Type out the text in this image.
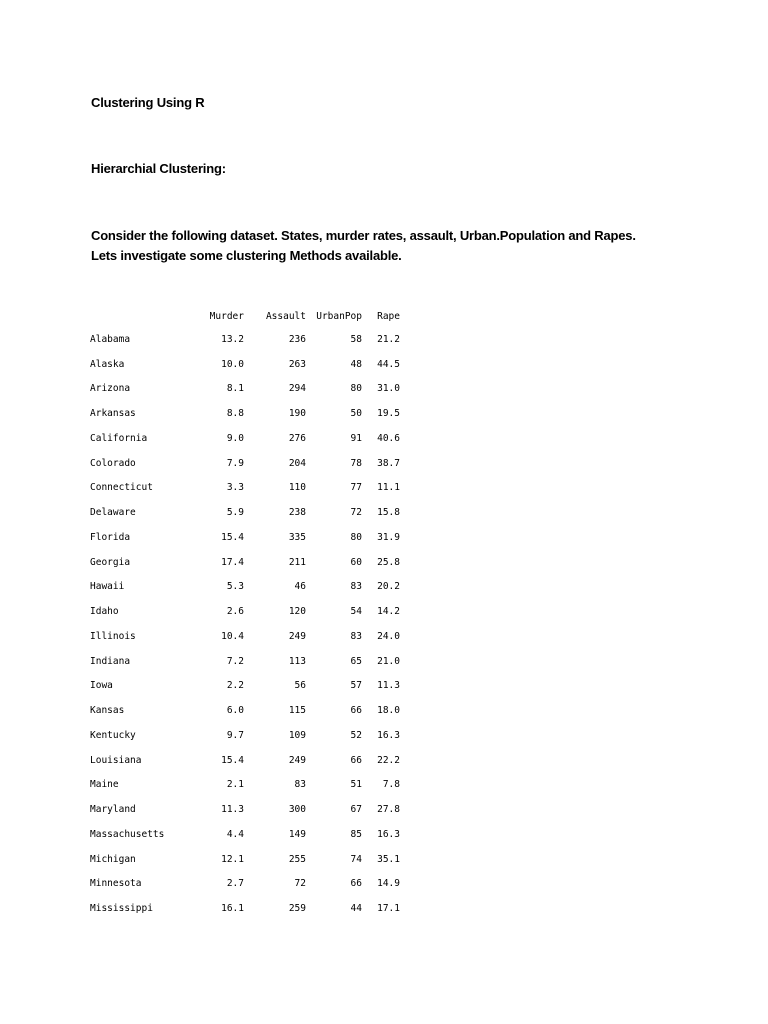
Clustering Using R
Hierarchial Clustering:

Consider the following dataset. States, murder rates, assault, Urban.Population and Rapes. Lets investigate some clustering Methods available.

	Murder	Assault	UrbanPop	Rape
Alabama	13.2	236	58	21.2
Alaska	10.0	263	48	44.5
Arizona	8.1	294	80	31.0
Arkansas	8.8	190	50	19.5
California	9.0	276	91	40.6
Colorado	7.9	204	78	38.7
Connecticut	3.3	110	77	11.1
Delaware	5.9	238	72	15.8
Florida	15.4	335	80	31.9
Georgia	17.4	211	60	25.8
Hawaii	5.3	46	83	20.2
Idaho	2.6	120	54	14.2
Illinois	10.4	249	83	24.0
Indiana	7.2	113	65	21.0
Iowa	2.2	56	57	11.3
Kansas	6.0	115	66	18.0
Kentucky	9.7	109	52	16.3
Louisiana	15.4	249	66	22.2
Maine	2.1	83	51	7.8
Maryland	11.3	300	67	27.8
Massachusetts	4.4	149	85	16.3
Michigan	12.1	255	74	35.1
Minnesota	2.7	72	66	14.9
Mississippi	16.1	259	44	17.1
